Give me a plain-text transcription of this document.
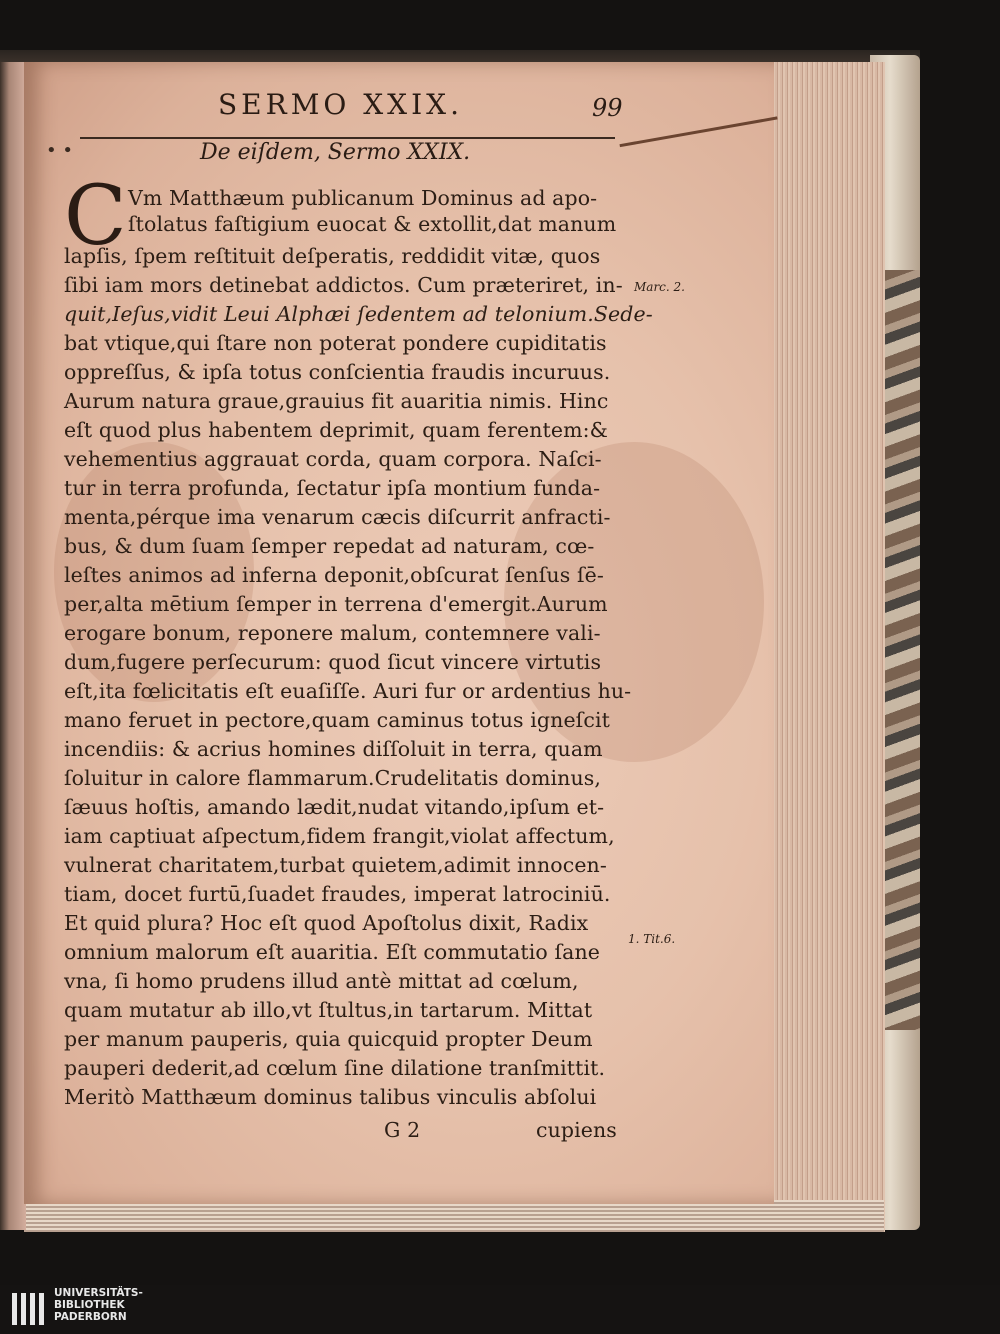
SERMO XXIX.	99
• •	De eiſdem, Sermo XXIX.
C Vm Matthæum publicanum Dominus ad apo-
ſtolatus faſtigium euocat & extollit,dat manum
lapſis, ſpem reſtituit deſperatis, reddidit vitæ, quos
ſibi iam mors detinebat addictos. Cum præteriret, in-
quit,Ieſus,vidit Leui Alphæi ſedentem ad telonium.Sede-
bat vtique,qui ſtare non poterat pondere cupiditatis
oppreſſus, & ipſa totus conſcientia fraudis incuruus.
Aurum natura graue,grauius fit auaritia nimis. Hinc
eſt quod plus habentem deprimit, quam ferentem:&
vehementius aggrauat corda, quam corpora. Naſci-
tur in terra profunda, ſectatur ipſa montium funda-
menta,pérque ima venarum cæcis diſcurrit anfracti-
bus, & dum ſuam ſemper repedat ad naturam, cœ-
leſtes animos ad inferna deponit,obſcurat ſenſus ſē-
per,alta mētium ſemper in terrena d'emergit.Aurum
erogare bonum, reponere malum, contemnere vali-
dum,fugere perſecurum: quod ſicut vincere virtutis
eſt,ita fœlicitatis eſt euaſiſſe. Auri fur or ardentius hu-
mano feruet in pectore,quam caminus totus igneſcit
incendiis: & acrius homines diſſoluit in terra, quam
ſoluitur in calore flammarum.Crudelitatis dominus,
ſæuus hoſtis, amando lædit,nudat vitando,ipſum et-
iam captiuat aſpectum,fidem frangit,violat affectum,
vulnerat charitatem,turbat quietem,adimit innocen-
tiam, docet furtū,ſuadet fraudes, imperat latrociniū.
Et quid plura? Hoc eſt quod Apoſtolus dixit, Radix
omnium malorum eſt auaritia. Eſt commutatio ſane
vna, ſi homo prudens illud antè mittat ad cœlum,
quam mutatur ab illo,vt ſtultus,in tartarum. Mittat
per manum pauperis, quia quicquid propter Deum
pauperi dederit,ad cœlum ſine dilatione tranſmittit.
Meritò Matthæum dominus talibus vinculis abſolui
Marc. 2.
1. Tit.6.
G 2	cupiens
UNIVERSITÄTS-
BIBLIOTHEK
PADERBORN
